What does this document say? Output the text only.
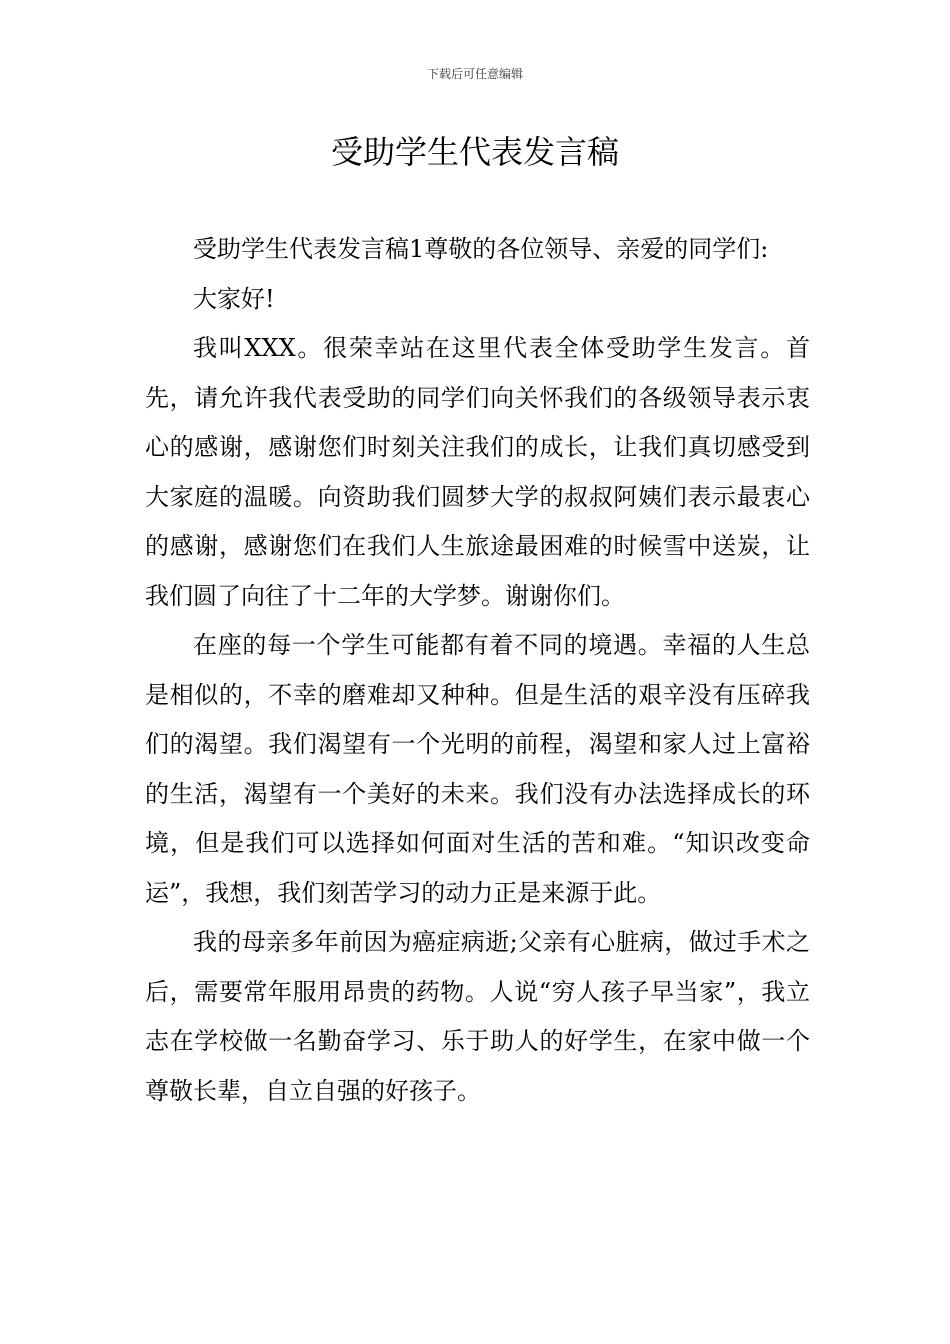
下载后可任意编辑
受助学生代表发言稿

受助学生代表发言稿1尊敬的各位领导、亲爱的同学们:

大家好!

我叫XXX。很荣幸站在这里代表全体受助学生发言。首先，请允许我代表受助的同学们向关怀我们的各级领导表示衷心的感谢，感谢您们时刻关注我们的成长，让我们真切感受到大家庭的温暖。向资助我们圆梦大学的叔叔阿姨们表示最衷心的感谢，感谢您们在我们人生旅途最困难的时候雪中送炭，让我们圆了向往了十二年的大学梦。谢谢你们。

在座的每一个学生可能都有着不同的境遇。幸福的人生总是相似的，不幸的磨难却又种种。但是生活的艰辛没有压碎我们的渴望。我们渴望有一个光明的前程，渴望和家人过上富裕的生活，渴望有一个美好的未来。我们没有办法选择成长的环境，但是我们可以选择如何面对生活的苦和难。“知识改变命运”，我想，我们刻苦学习的动力正是来源于此。

我的母亲多年前因为癌症病逝;父亲有心脏病，做过手术之后，需要常年服用昂贵的药物。人说“穷人孩子早当家”，我立志在学校做一名勤奋学习、乐于助人的好学生，在家中做一个尊敬长辈，自立自强的好孩子。
